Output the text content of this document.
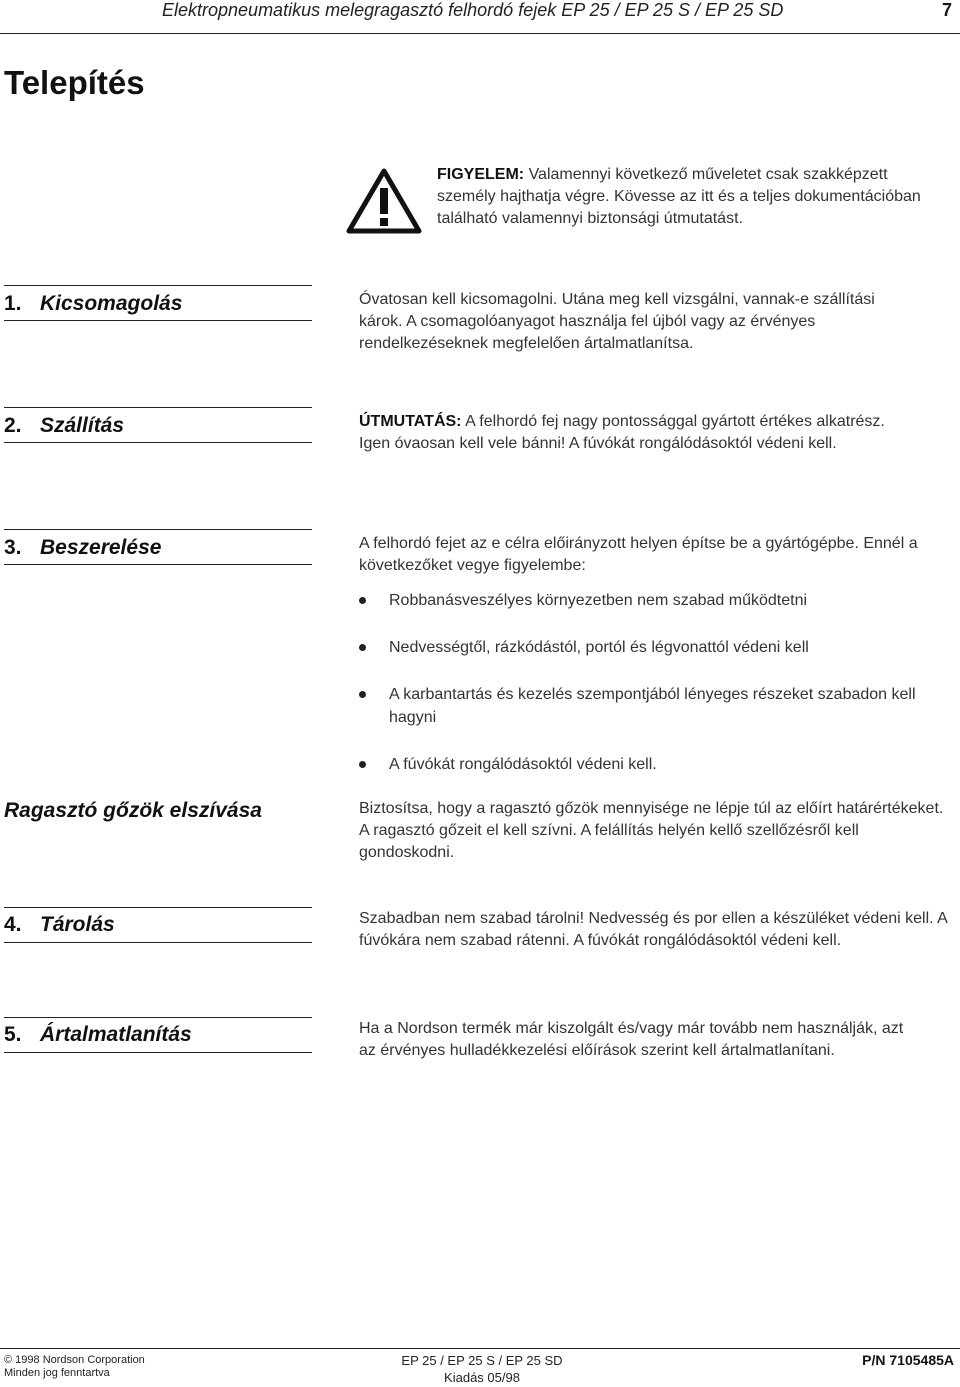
Elektropneumatikus melegragasztó felhordó fejek EP 25 / EP 25 S / EP 25 SD	7
Telepítés
FIGYELEM: Valamennyi következő műveletet csak szakképzett személy hajthatja végre. Kövesse az itt és a teljes dokumentációban található valamennyi biztonsági útmutatást.
1. Kicsomagolás	Óvatosan kell kicsomagolni. Utána meg kell vizsgálni, vannak-e szállítási károk. A csomagolóanyagot használja fel újból vagy az érvényes rendelkezéseknek megfelelően ártalmatlanítsa.
2. Szállítás	ÚTMUTATÁS: A felhordó fej nagy pontossággal gyártott értékes alkatrész. Igen óvaosan kell vele bánni! A fúvókát rongálódásoktól védeni kell.
3. Beszerelése	A felhordó fejet az e célra előirányzott helyen építse be a gyártógépbe. Ennél a következőket vegye figyelembe:
Robbanásveszélyes környezetben nem szabad működtetni
Nedvességtől, rázkódástól, portól és légvonattól védeni kell
A karbantartás és kezelés szempontjából lényeges részeket szabadon kell hagyni
A fúvókát rongálódásoktól védeni kell.
Ragasztó gőzök elszívása	Biztosítsa, hogy a ragasztó gőzök mennyisége ne lépje túl az előírt határértékeket. A ragasztó gőzeit el kell szívni. A felállítás helyén kellő szellőzésről kell gondoskodni.
4. Tárolás	Szabadban nem szabad tárolni! Nedvesség és por ellen a készüléket védeni kell. A fúvókára nem szabad rátenni. A fúvókát rongálódásoktól védeni kell.
5. Ártalmatlanítás	Ha a Nordson termék már kiszolgált és/vagy már tovább nem használják, azt az érvényes hulladékkezelési előírások szerint kell ártalmatlanítani.
© 1998 Nordson Corporation
Minden jog fenntartva
EP 25 / EP 25 S / EP 25 SD
Kiadás 05/98
P/N 7105485A
